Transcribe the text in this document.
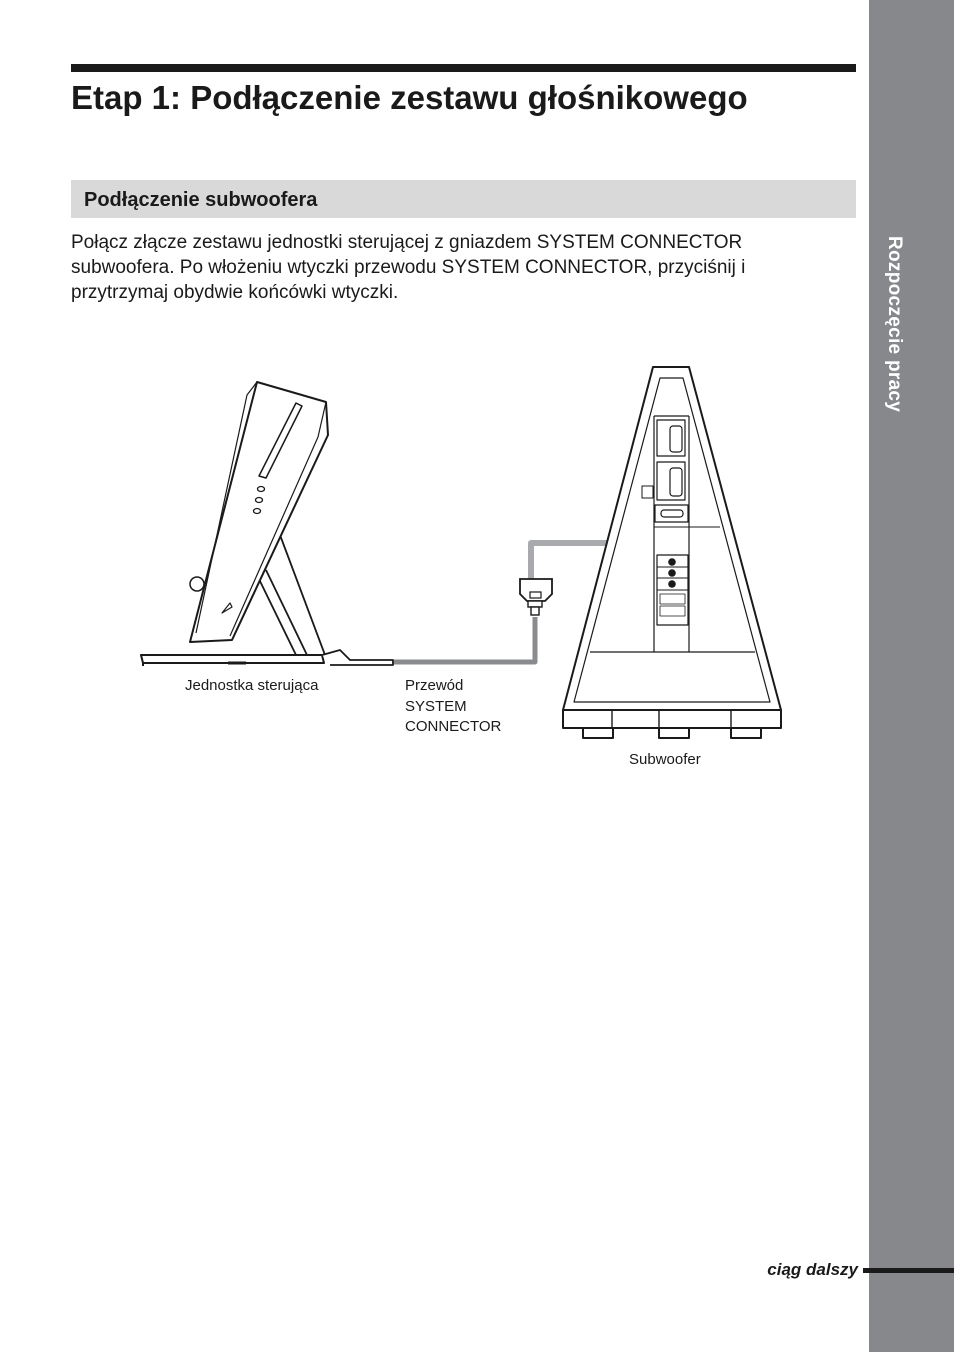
Rozpoczęcie pracy
Etap 1: Podłączenie zestawu głośnikowego
Podłączenie subwoofera

Połącz złącze zestawu jednostki sterującej z gniazdem SYSTEM CONNECTOR subwoofera. Po włożeniu wtyczki przewodu SYSTEM CONNECTOR, przyciśnij i przytrzymaj obydwie końcówki wtyczki.

Jednostka sterująca	Przewód SYSTEM CONNECTOR
Subwoofer
ciąg dalszy
